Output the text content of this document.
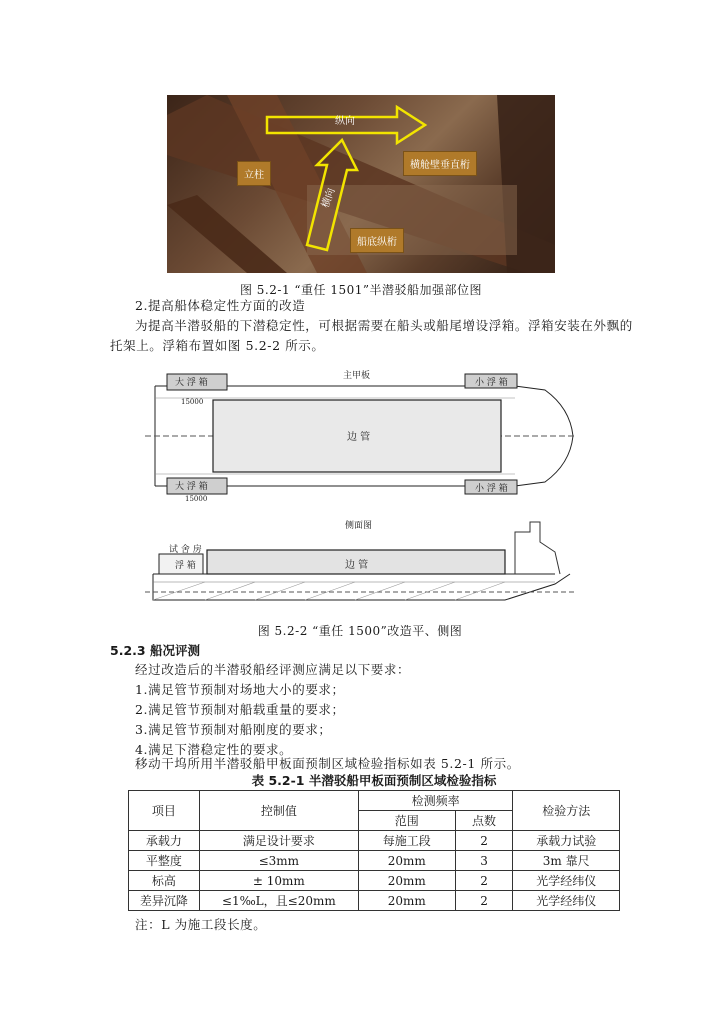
纵向
立柱
横向
横舱壁垂直桁
船底纵桁
图 5.2-1 “重任 1501”半潜驳船加强部位图
2.提高船体稳定性方面的改造
为提高半潜驳船的下潜稳定性，可根据需要在船头或船尾增设浮箱。浮箱安装在外飘的
托架上。浮箱布置如图 5.2-2 所示。
大 浮 箱
主甲板
小 浮 箱
边 管
大 浮 箱	小 浮 箱
15000
15000
侧面图
试 舍 房
浮 箱	边 管
图 5.2-2 “重任 1500”改造平、侧图
5.2.3 船况评测
经过改造后的半潜驳船经评测应满足以下要求：
1.满足管节预制对场地大小的要求；
2.满足管节预制对船载重量的要求；
3.满足管节预制对船刚度的要求；
4.满足下潜稳定性的要求。
移动干坞所用半潜驳船甲板面预制区域检验指标如表 5.2-1 所示。
表 5.2-1 半潜驳船甲板面预制区域检验指标
项目	控制值	检测频率		检验方法
		范围	点数	
承载力	满足设计要求	每施工段	2	承载力试验
平整度	≤3mm	20mm	3	3m 靠尺
标高	± 10mm	20mm	2	光学经纬仪
差异沉降	≤1‰L，且≤20mm	20mm	2	光学经纬仪
注：L 为施工段长度。
